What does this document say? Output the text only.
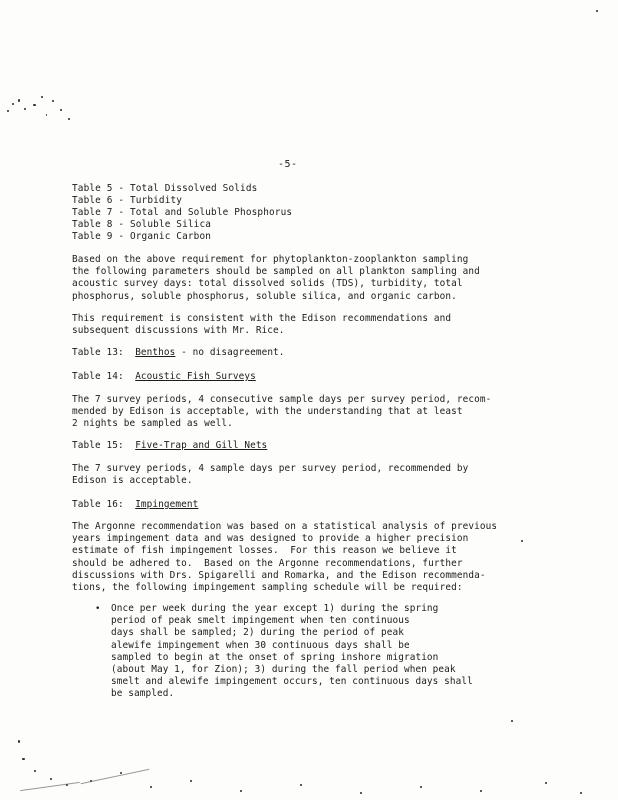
-5-
Table 5 - Total Dissolved Solids
Table 6 - Turbidity
Table 7 - Total and Soluble Phosphorus
Table 8 - Soluble Silica
Table 9 - Organic Carbon
Based on the above requirement for phytoplankton-zooplankton sampling
the following parameters should be sampled on all plankton sampling and
acoustic survey days: total dissolved solids (TDS), turbidity, total
phosphorus, soluble phosphorus, soluble silica, and organic carbon.
This requirement is consistent with the Edison recommendations and
subsequent discussions with Mr. Rice.
Table 13:  Benthos - no disagreement.
Table 14:  Acoustic Fish Surveys
The 7 survey periods, 4 consecutive sample days per survey period, recom-
mended by Edison is acceptable, with the understanding that at least
2 nights be sampled as well.
Table 15:  Five-Trap and Gill Nets
The 7 survey periods, 4 sample days per survey period, recommended by
Edison is acceptable.
Table 16:  Impingement
The Argonne recommendation was based on a statistical analysis of previous
years impingement data and was designed to provide a higher precision
estimate of fish impingement losses.  For this reason we believe it
should be adhered to.  Based on the Argonne recommendations, further
discussions with Drs. Spigarelli and Romarka, and the Edison recommenda-
tions, the following impingement sampling schedule will be required:
• Once per week during the year except 1) during the spring
period of peak smelt impingement when ten continuous
days shall be sampled; 2) during the period of peak
alewife impingement when 30 continuous days shall be
sampled to begin at the onset of spring inshore migration
(about May 1, for Zion); 3) during the fall period when peak
smelt and alewife impingement occurs, ten continuous days shall
be sampled.
